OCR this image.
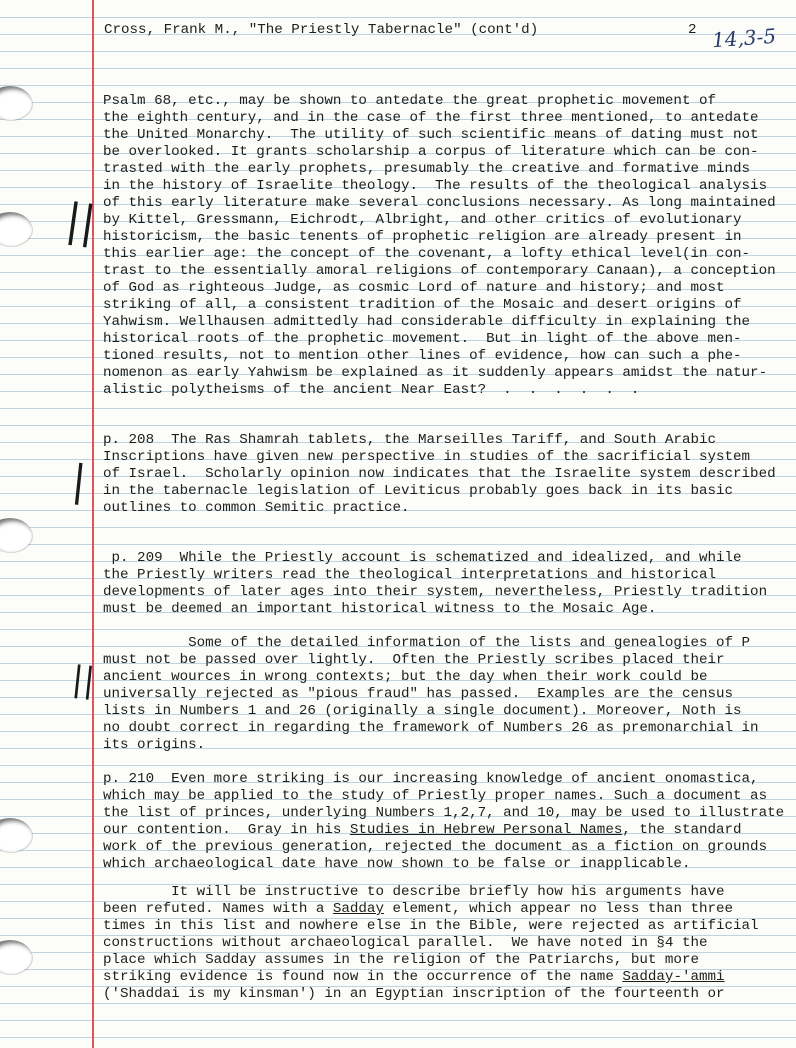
Cross, Frank M., "The Priestly Tabernacle" (cont'd)	2 14,3-5
||
|
||
Psalm 68, etc., may be shown to antedate the great prophetic movement of
the eighth century, and in the case of the first three mentioned, to antedate
the United Monarchy.  The utility of such scientific means of dating must not
be overlooked. It grants scholarship a corpus of literature which can be con-
trasted with the early prophets, presumably the creative and formative minds
in the history of Israelite theology.  The results of the theological analysis
of this early literature make several conclusions necessary. As long maintained
by Kittel, Gressmann, Eichrodt, Albright, and other critics of evolutionary
historicism, the basic tenents of prophetic religion are already present in
this earlier age: the concept of the covenant, a lofty ethical level(in con-
trast to the essentially amoral religions of contemporary Canaan), a conception
of God as righteous Judge, as cosmic Lord of nature and history; and most
striking of all, a consistent tradition of the Mosaic and desert origins of
Yahwism. Wellhausen admittedly had considerable difficulty in explaining the
historical roots of the prophetic movement.  But in light of the above men-
tioned results, not to mention other lines of evidence, how can such a phe-
nomenon as early Yahwism be explained as it suddenly appears amidst the natur-
alistic polytheisms of the ancient Near East?  .  .  .  .  .  .
p. 208  The Ras Shamrah tablets, the Marseilles Tariff, and South Arabic
Inscriptions have given new perspective in studies of the sacrificial system
of Israel.  Scholarly opinion now indicates that the Israelite system described
in the tabernacle legislation of Leviticus probably goes back in its basic
outlines to common Semitic practice.
p. 209  While the Priestly account is schematized and idealized, and while
the Priestly writers read the theological interpretations and historical
developments of later ages into their system, nevertheless, Priestly tradition
must be deemed an important historical witness to the Mosaic Age.
Some of the detailed information of the lists and genealogies of P
must not be passed over lightly.  Often the Priestly scribes placed their
ancient wources in wrong contexts; but the day when their work could be
universally rejected as "pious fraud" has passed.  Examples are the census
lists in Numbers 1 and 26 (originally a single document). Moreover, Noth is
no doubt correct in regarding the framework of Numbers 26 as premonarchial in
its origins.
p. 210  Even more striking is our increasing knowledge of ancient onomastica,
which may be applied to the study of Priestly proper names. Such a document as
the list of princes, underlying Numbers 1,2,7, and 10, may be used to illustrate
our contention.  Gray in his Studies in Hebrew Personal Names, the standard
work of the previous generation, rejected the document as a fiction on grounds
which archaeological date have now shown to be false or inapplicable.
It will be instructive to describe briefly how his arguments have
been refuted. Names with a Sadday element, which appear no less than three
times in this list and nowhere else in the Bible, were rejected as artificial
constructions without archaeological parallel.  We have noted in §4 the
place which Sadday assumes in the religion of the Patriarchs, but more
striking evidence is found now in the occurrence of the name Sadday-'ammi
('Shaddai is my kinsman') in an Egyptian inscription of the fourteenth or
